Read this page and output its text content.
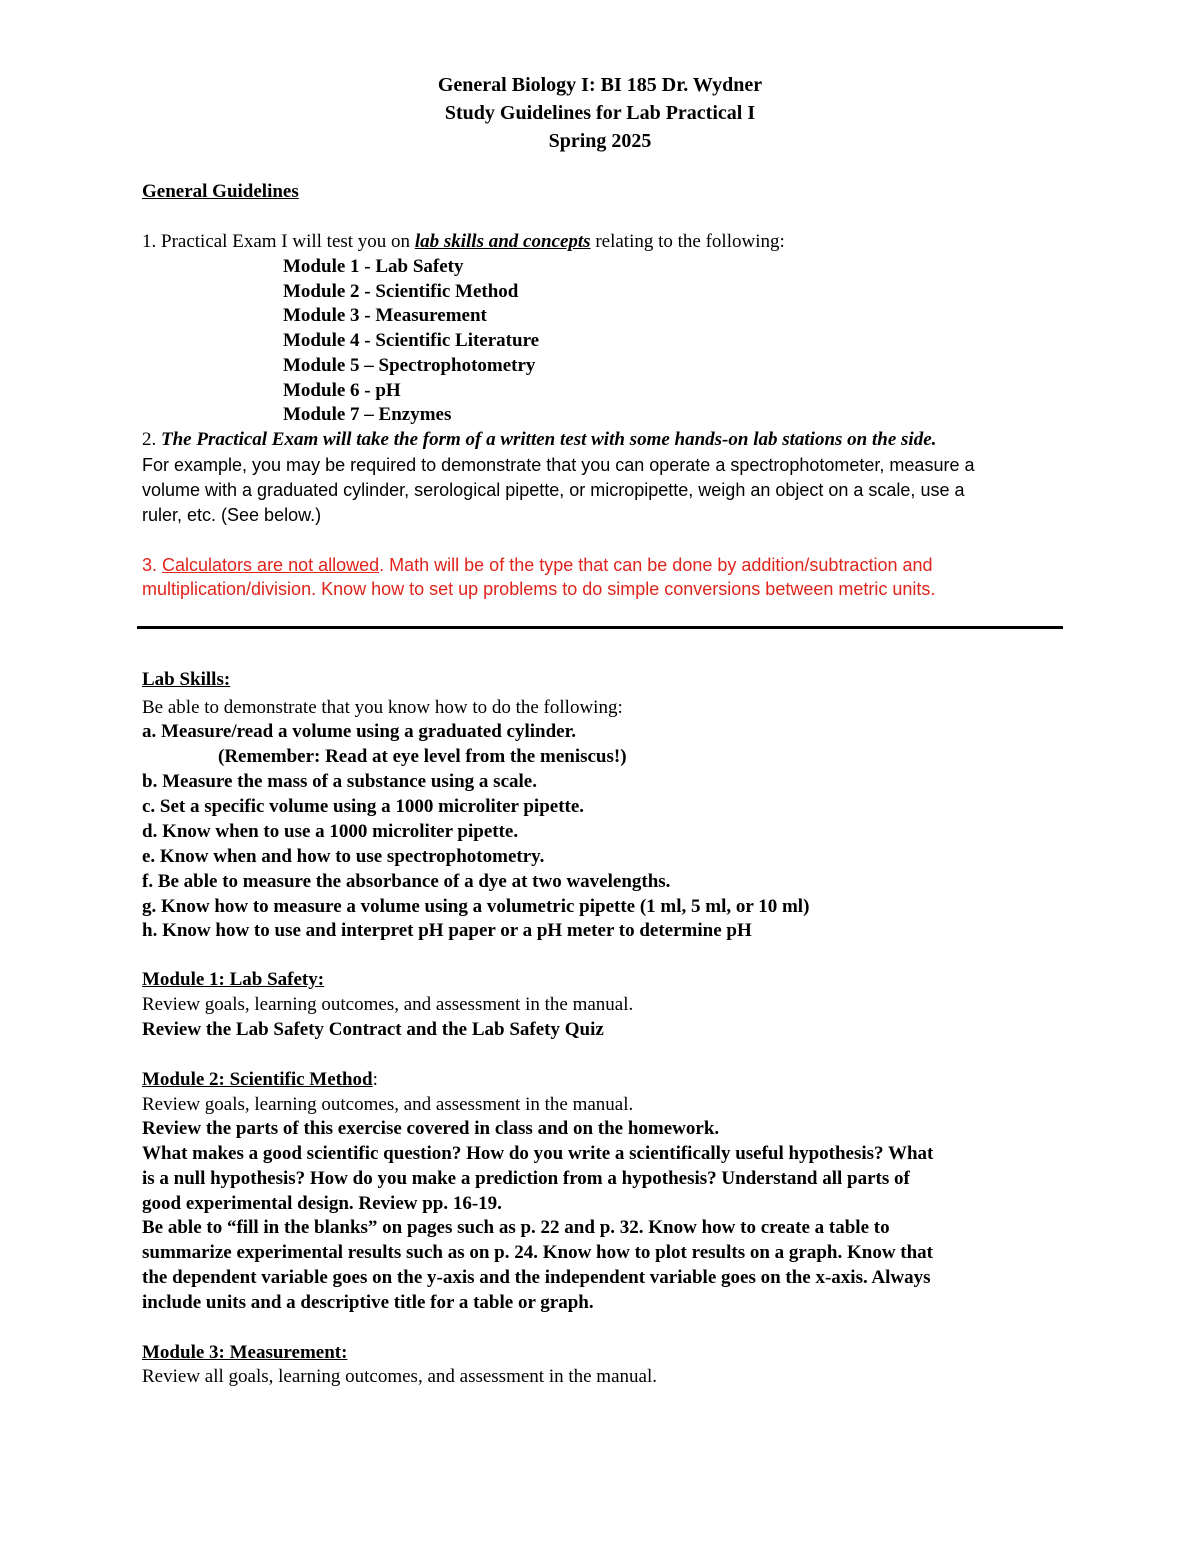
General Biology I: BI 185 Dr. Wydner
Study Guidelines for Lab Practical I
Spring 2025
General Guidelines
1. Practical Exam I will test you on lab skills and concepts relating to the following:
Module 1 - Lab Safety
Module 2 - Scientific Method
Module 3 - Measurement
Module 4 - Scientific Literature
Module 5 – Spectrophotometry
Module 6 - pH
Module 7 – Enzymes
2. The Practical Exam will take the form of a written test with some hands-on lab stations on the side.
For example, you may be required to demonstrate that you can operate a spectrophotometer, measure a
volume with a graduated cylinder, serological pipette, or micropipette, weigh an object on a scale, use a
ruler, etc. (See below.)
3. Calculators are not allowed. Math will be of the type that can be done by addition/subtraction and
multiplication/division. Know how to set up problems to do simple conversions between metric units.
Lab Skills:
Be able to demonstrate that you know how to do the following:
a. Measure/read a volume using a graduated cylinder.
(Remember: Read at eye level from the meniscus!)
b. Measure the mass of a substance using a scale.
c. Set a specific volume using a 1000 microliter pipette.
d. Know when to use a 1000 microliter pipette.
e. Know when and how to use spectrophotometry.
f. Be able to measure the absorbance of a dye at two wavelengths.
g. Know how to measure a volume using a volumetric pipette (1 ml, 5 ml, or 10 ml)
h. Know how to use and interpret pH paper or a pH meter to determine pH
Module 1: Lab Safety:
Review goals, learning outcomes, and assessment in the manual.
Review the Lab Safety Contract and the Lab Safety Quiz
Module 2: Scientific Method:
Review goals, learning outcomes, and assessment in the manual.
Review the parts of this exercise covered in class and on the homework.
What makes a good scientific question? How do you write a scientifically useful hypothesis? What
is a null hypothesis? How do you make a prediction from a hypothesis? Understand all parts of
good experimental design. Review pp. 16-19.
Be able to “fill in the blanks” on pages such as p. 22 and p. 32. Know how to create a table to
summarize experimental results such as on p. 24. Know how to plot results on a graph. Know that
the dependent variable goes on the y-axis and the independent variable goes on the x-axis. Always
include units and a descriptive title for a table or graph.
Module 3: Measurement:
Review all goals, learning outcomes, and assessment in the manual.
